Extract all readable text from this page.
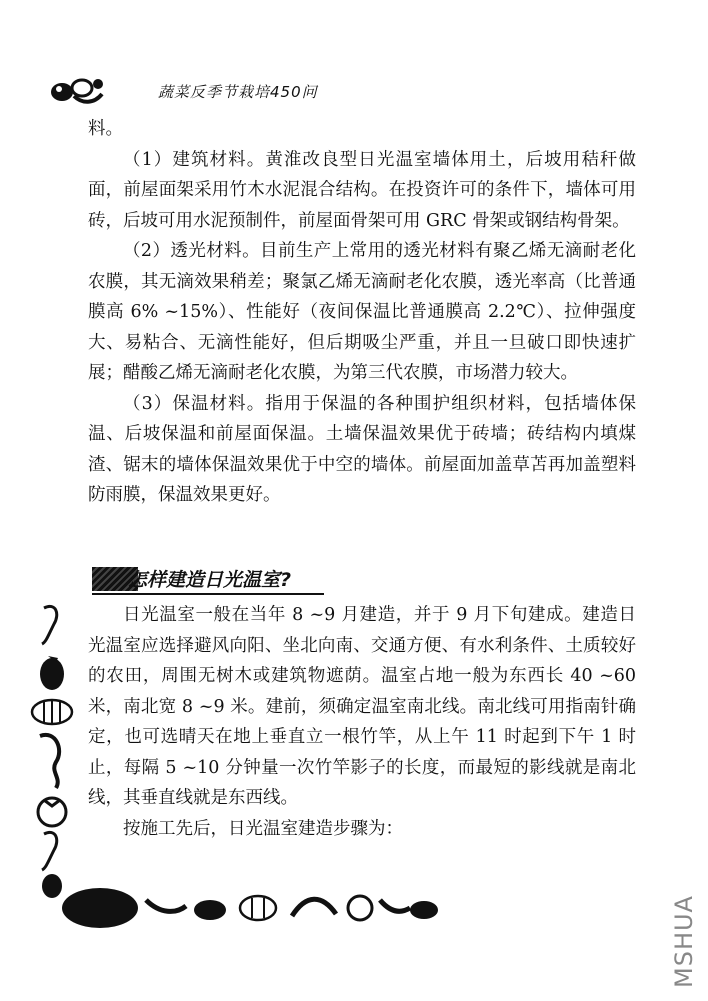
蔬菜反季节栽培450问

料。

（1）建筑材料。黄淮改良型日光温室墙体用土，后坡用秸秆做面，前屋面架采用竹木水泥混合结构。在投资许可的条件下，墙体可用砖，后坡可用水泥预制件，前屋面骨架可用 GRC 骨架或钢结构骨架。

（2）透光材料。目前生产上常用的透光材料有聚乙烯无滴耐老化农膜，其无滴效果稍差；聚氯乙烯无滴耐老化农膜，透光率高（比普通膜高 6% ~15%）、性能好（夜间保温比普通膜高 2.2℃）、拉伸强度大、易粘合、无滴性能好，但后期吸尘严重，并且一旦破口即快速扩展；醋酸乙烯无滴耐老化农膜，为第三代农膜，市场潜力较大。

（3）保温材料。指用于保温的各种围护组织材料，包括墙体保温、后坡保温和前屋面保温。土墙保温效果优于砖墙；砖结构内填煤渣、锯末的墙体保温效果优于中空的墙体。前屋面加盖草苫再加盖塑料防雨膜，保温效果更好。

怎样建造日光温室?

日光温室一般在当年 8 ~9 月建造，并于 9 月下旬建成。建造日光温室应选择避风向阳、坐北向南、交通方便、有水利条件、土质较好的农田，周围无树木或建筑物遮荫。温室占地一般为东西长 40 ~60 米，南北宽 8 ~9 米。建前，须确定温室南北线。南北线可用指南针确定，也可选晴天在地上垂直立一根竹竿，从上午 11 时起到下午 1 时止，每隔 5 ~10 分钟量一次竹竿影子的长度，而最短的影线就是南北线，其垂直线就是东西线。

按施工先后，日光温室建造步骤为：

MSHUA
